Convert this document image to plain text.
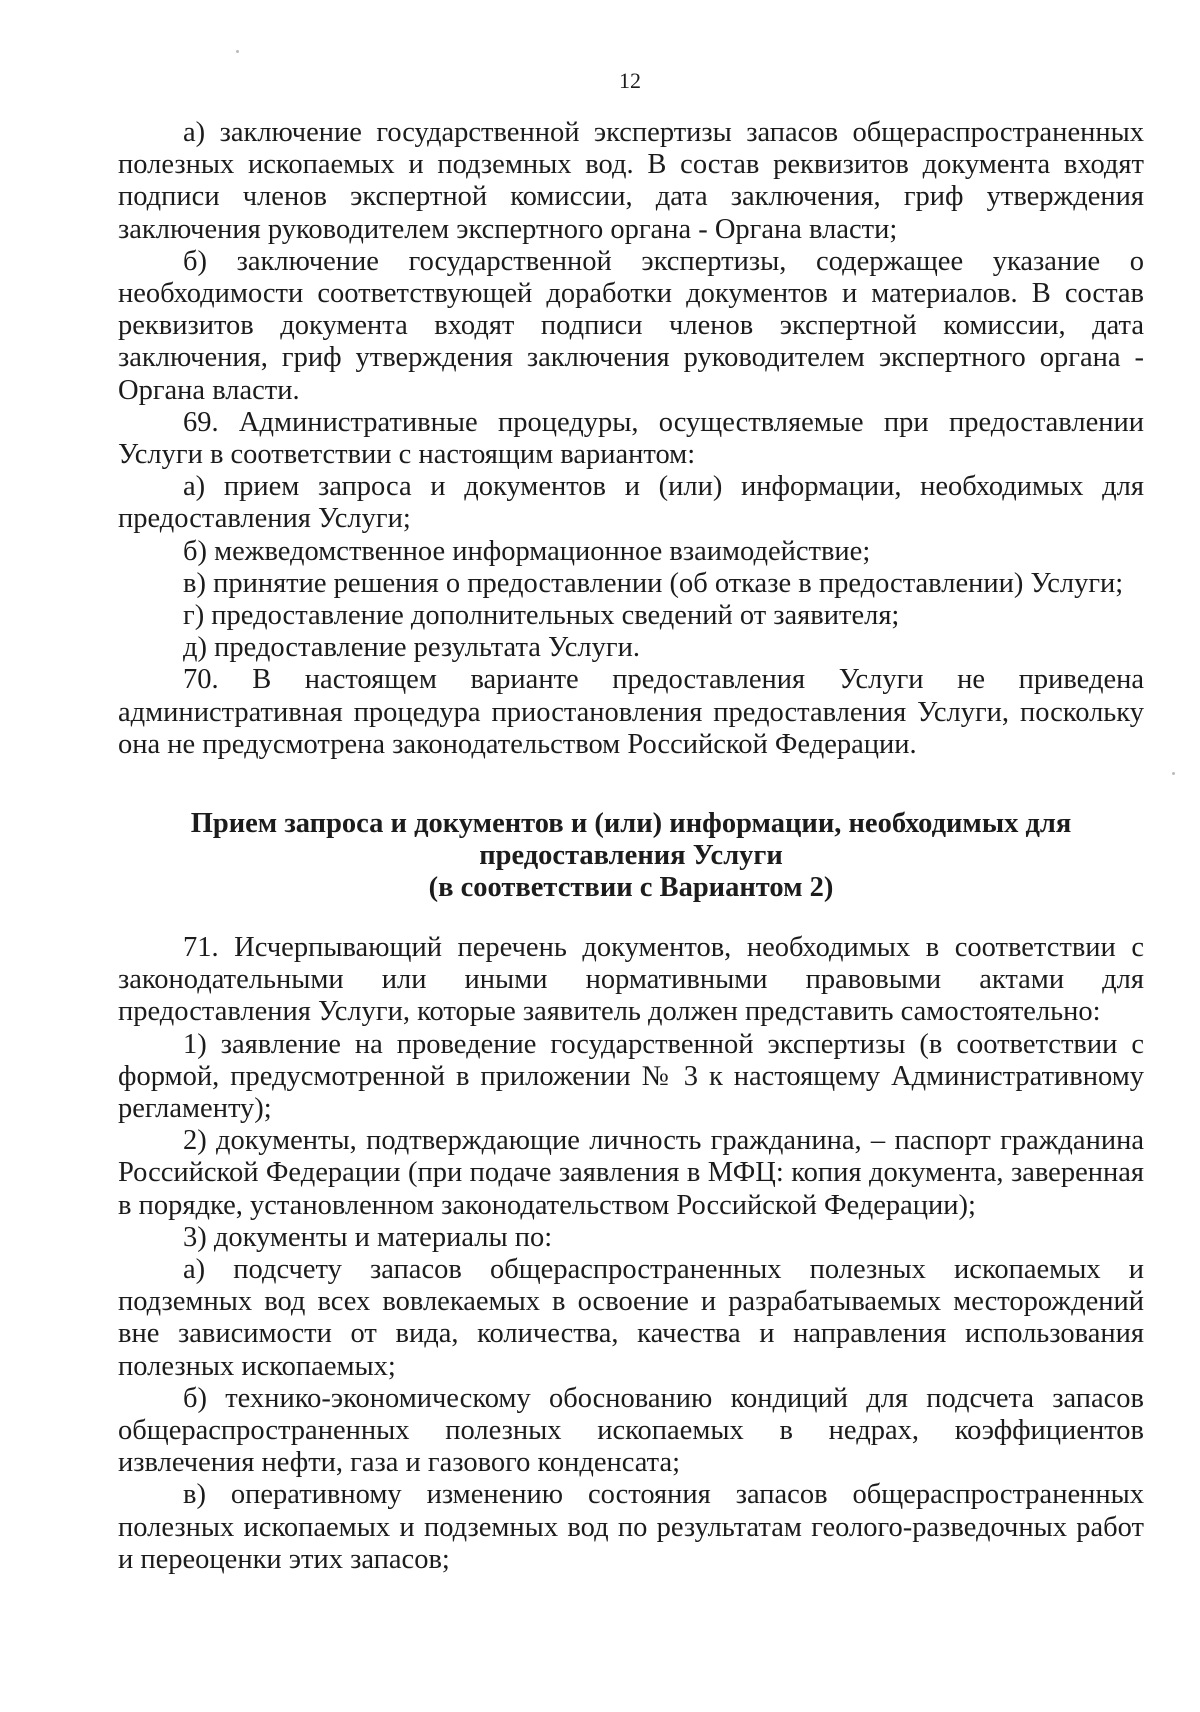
12

а) заключение государственной экспертизы запасов общераспространенных полезных ископаемых и подземных вод. В состав реквизитов документа входят подписи членов экспертной комиссии, дата заключения, гриф утверждения заключения руководителем экспертного органа - Органа власти;

б) заключение государственной экспертизы, содержащее указание о необходимости соответствующей доработки документов и материалов. В состав реквизитов документа входят подписи членов экспертной комиссии, дата заключения, гриф утверждения заключения руководителем экспертного органа - Органа власти.

69. Административные процедуры, осуществляемые при предоставлении Услуги в соответствии с настоящим вариантом:

а) прием запроса и документов и (или) информации, необходимых для предоставления Услуги;

б) межведомственное информационное взаимодействие;

в) принятие решения о предоставлении (об отказе в предоставлении) Услуги;

г) предоставление дополнительных сведений от заявителя;

д) предоставление результата Услуги.

70. В настоящем варианте предоставления Услуги не приведена административная процедура приостановления предоставления Услуги, поскольку она не предусмотрена законодательством Российской Федерации.

Прием запроса и документов и (или) информации, необходимых для
предоставления Услуги
(в соответствии с Вариантом 2)

71. Исчерпывающий перечень документов, необходимых в соответствии с законодательными или иными нормативными правовыми актами для предоставления Услуги, которые заявитель должен представить самостоятельно:

1) заявление на проведение государственной экспертизы (в соответствии с формой, предусмотренной в приложении № 3 к настоящему Административному регламенту);

2) документы, подтверждающие личность гражданина, – паспорт гражданина Российской Федерации (при подаче заявления в МФЦ: копия документа, заверенная в порядке, установленном законодательством Российской Федерации);

3) документы и материалы по:

а) подсчету запасов общераспространенных полезных ископаемых и подземных вод всех вовлекаемых в освоение и разрабатываемых месторождений вне зависимости от вида, количества, качества и направления использования полезных ископаемых;

б) технико-экономическому обоснованию кондиций для подсчета запасов общераспространенных полезных ископаемых в недрах, коэффициентов извлечения нефти, газа и газового конденсата;

в) оперативному изменению состояния запасов общераспространенных полезных ископаемых и подземных вод по результатам геолого-разведочных работ и переоценки этих запасов;
